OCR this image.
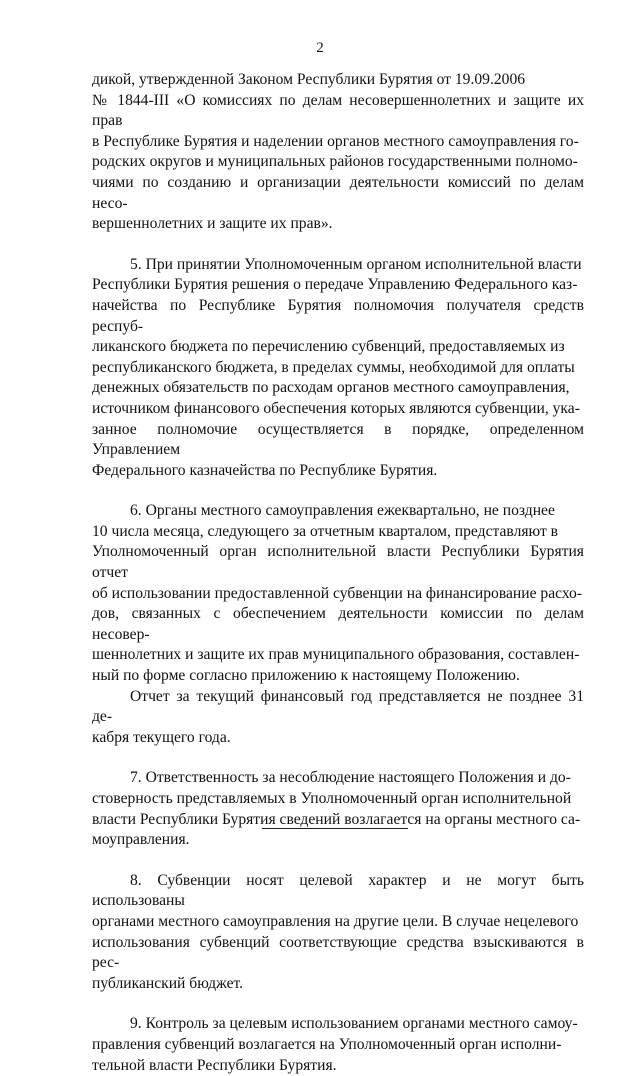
2

дикой, утвержденной Законом Республики Бурятия от 19.09.2006
№ 1844-III «О комиссиях по делам несовершеннолетних и защите их прав
в Республике Бурятия и наделении органов местного самоуправления го-
родских округов и муниципальных районов государственными полномо-
чиями по созданию и организации деятельности комиссий по делам несо-
вершеннолетних и защите их прав».

5. При принятии Уполномоченным органом исполнительной власти
Республики Бурятия решения о передаче Управлению Федерального каз-
начейства по Республике Бурятия полномочия получателя средств респуб-
ликанского бюджета по перечислению субвенций, предоставляемых из
республиканского бюджета, в пределах суммы, необходимой для оплаты
денежных обязательств по расходам органов местного самоуправления,
источником финансового обеспечения которых являются субвенции, ука-
занное полномочие осуществляется в порядке, определенном Управлением
Федерального казначейства по Республике Бурятия.

6. Органы местного самоуправления ежеквартально, не позднее
10 числа месяца, следующего за отчетным кварталом, представляют в
Уполномоченный орган исполнительной власти Республики Бурятия отчет
об использовании предоставленной субвенции на финансирование расхо-
дов, связанных с обеспечением деятельности комиссии по делам несовер-
шеннолетних и защите их прав муниципального образования, составлен-
ный по форме согласно приложению к настоящему Положению.

Отчет за текущий финансовый год представляется не позднее 31 де-
кабря текущего года.

7. Ответственность за несоблюдение настоящего Положения и до-
стоверность представляемых в Уполномоченный орган исполнительной
власти Республики Бурятия сведений возлагается на органы местного са-
моуправления.

8. Субвенции носят целевой характер и не могут быть использованы
органами местного самоуправления на другие цели. В случае нецелевого
использования субвенций соответствующие средства взыскиваются в рес-
публиканский бюджет.

9. Контроль за целевым использованием органами местного самоу-
правления субвенций возлагается на Уполномоченный орган исполни-
тельной власти Республики Бурятия.
